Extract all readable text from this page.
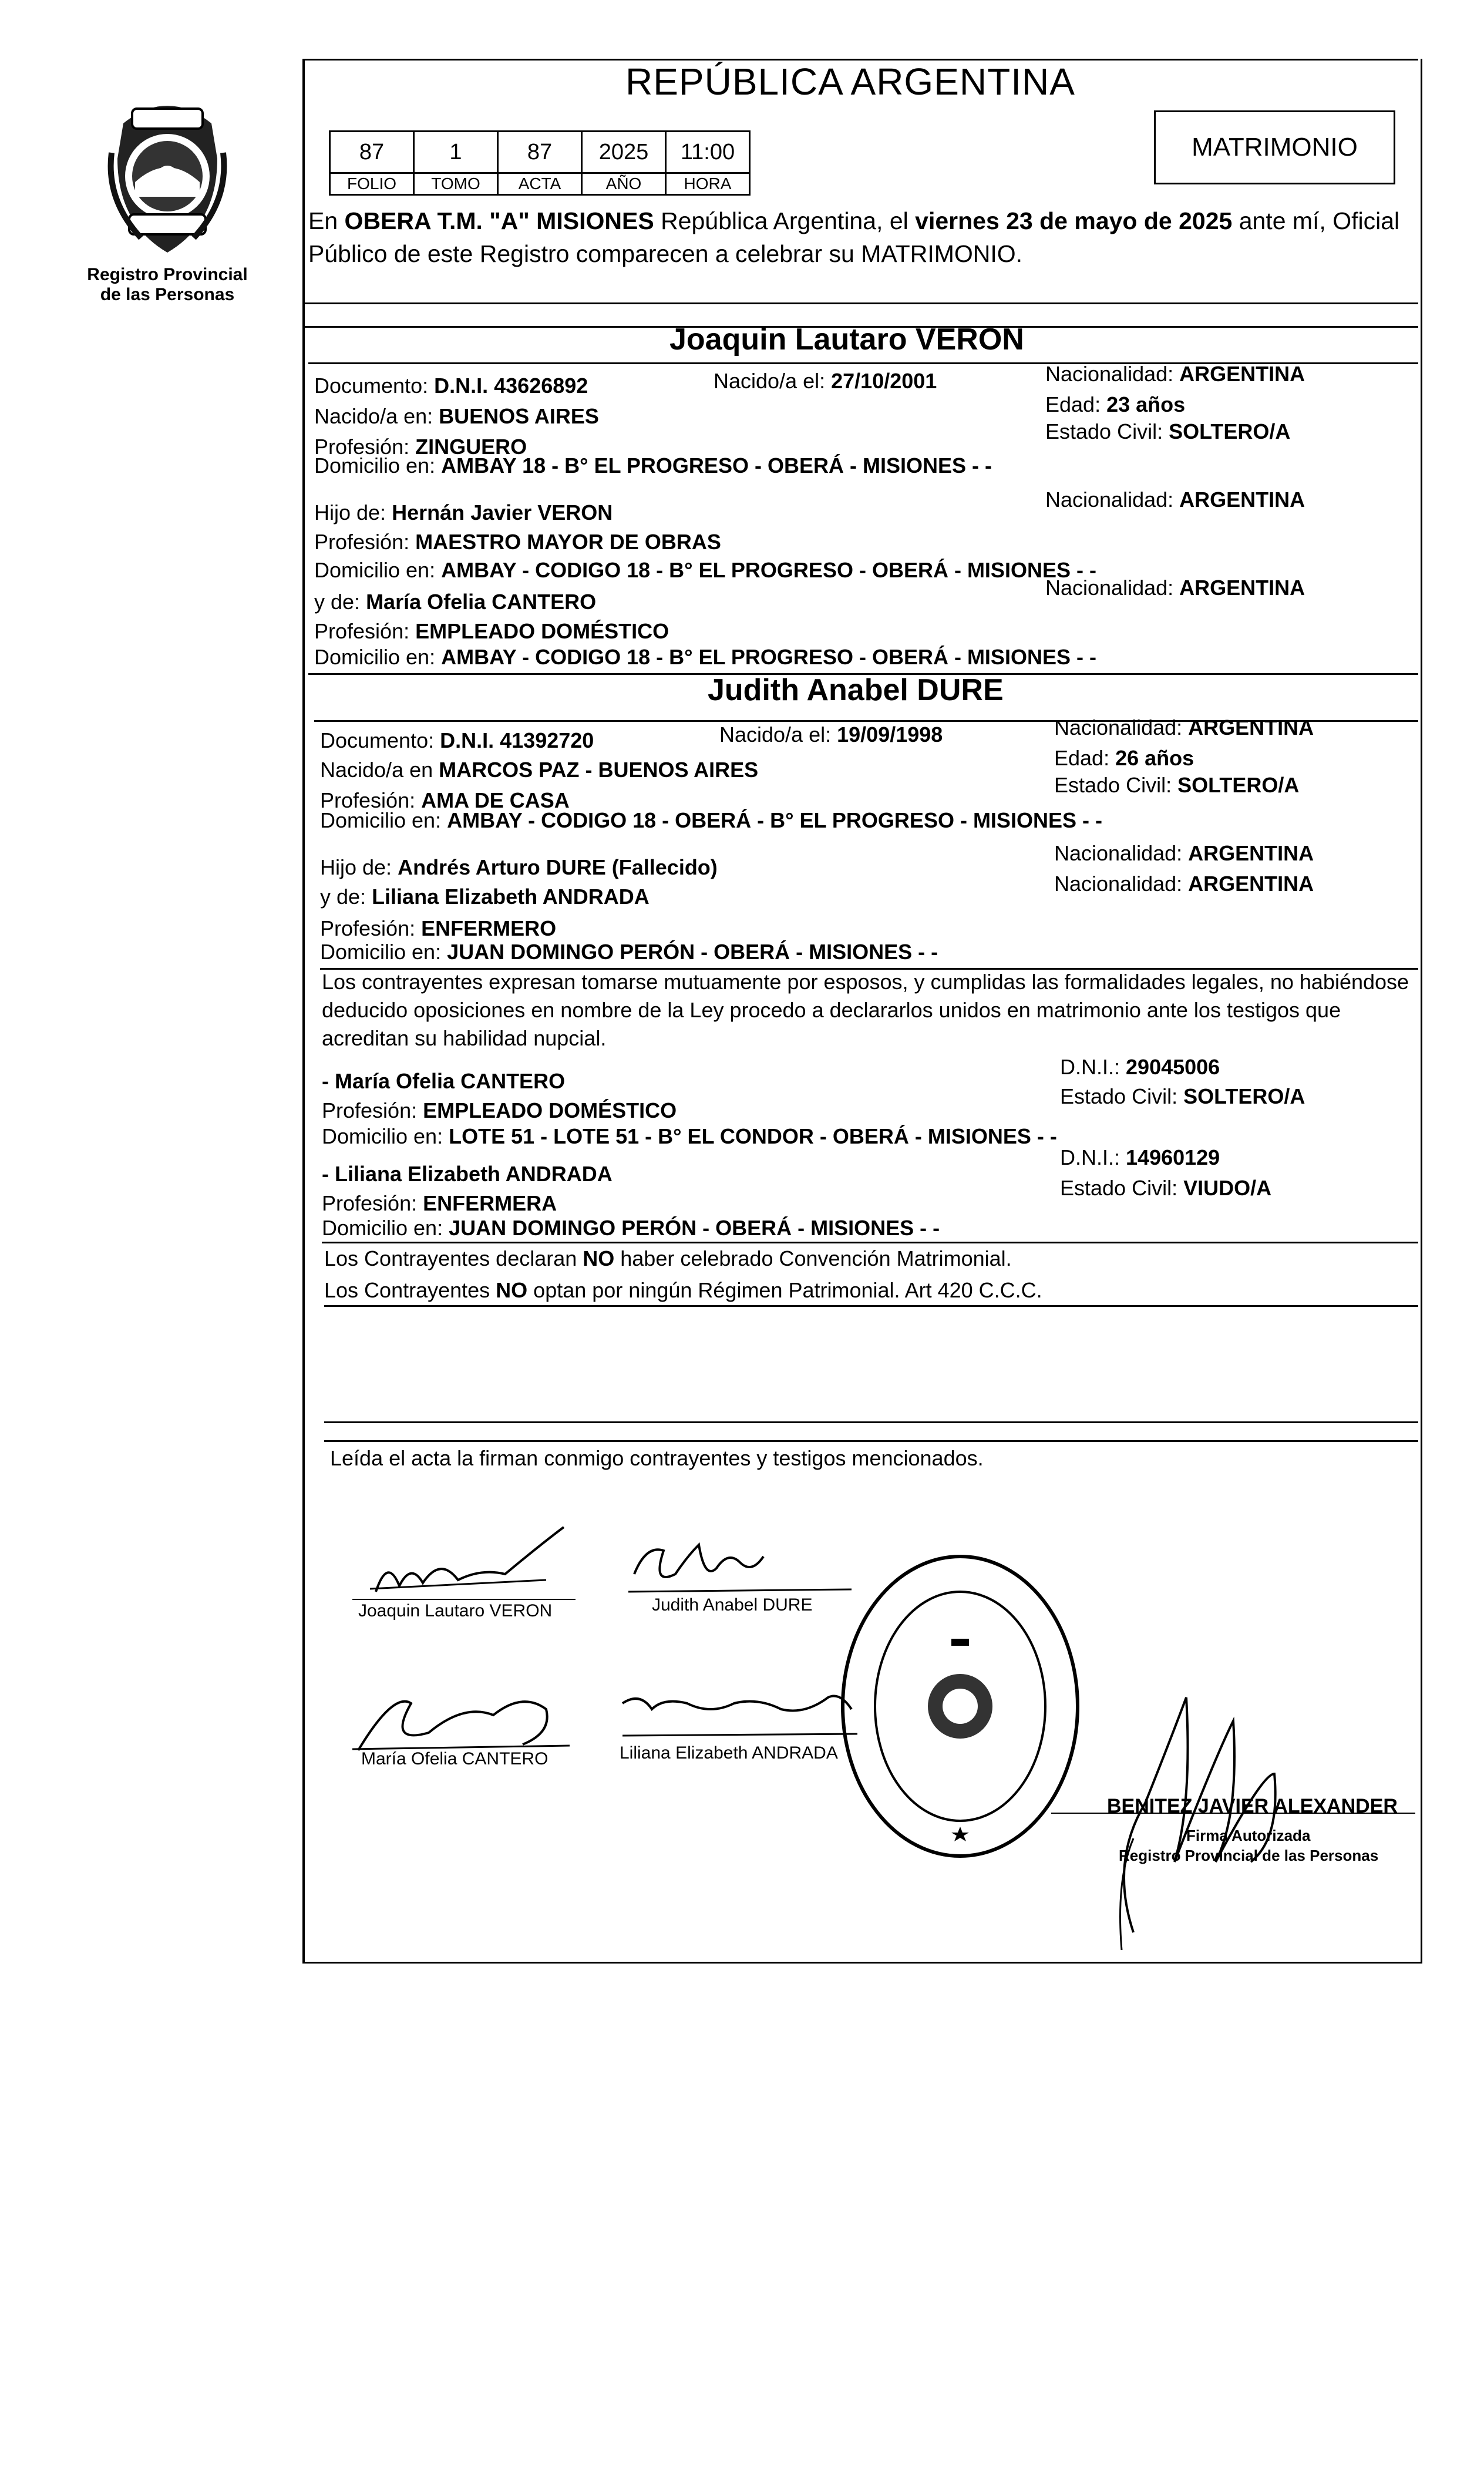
Registro Provincial
de las Personas
REPÚBLICA ARGENTINA
MATRIMONIO
87	1	87	2025	11:00
FOLIO	TOMO	ACTA	AÑO	HORA
En OBERA T.M. "A" MISIONES República Argentina, el viernes 23 de mayo de 2025 ante mí, Oficial Público de este Registro comparecen a celebrar su MATRIMONIO.
Joaquin Lautaro VERON
Documento: D.N.I. 43626892	Nacido/a el: 27/10/2001	Nacionalidad: ARGENTINA
Nacido/a en: BUENOS AIRES	Edad: 23 años
Profesión: ZINGUERO
Estado Civil: SOLTERO/A
Domicilio en: AMBAY 18 - B° EL PROGRESO - OBERÁ - MISIONES - -
Hijo de: Hernán Javier VERON
Nacionalidad: ARGENTINA
Profesión: MAESTRO MAYOR DE OBRAS
Domicilio en: AMBAY - CODIGO 18 - B° EL PROGRESO - OBERÁ - MISIONES - -
y de: María Ofelia CANTERO
Nacionalidad: ARGENTINA
Profesión: EMPLEADO DOMÉSTICO
Domicilio en: AMBAY - CODIGO 18 - B° EL PROGRESO - OBERÁ - MISIONES - -
Judith Anabel DURE
Documento: D.N.I. 41392720	Nacido/a el: 19/09/1998	Nacionalidad: ARGENTINA
Nacido/a en MARCOS PAZ - BUENOS AIRES	Edad: 26 años
Profesión: AMA DE CASA
Estado Civil: SOLTERO/A
Domicilio en: AMBAY - CODIGO 18 - OBERÁ - B° EL PROGRESO - MISIONES - -
Hijo de: Andrés Arturo DURE (Fallecido)
Nacionalidad: ARGENTINA
y de: Liliana Elizabeth ANDRADA
Nacionalidad: ARGENTINA
Profesión: ENFERMERO
Domicilio en: JUAN DOMINGO PERÓN - OBERÁ - MISIONES - -
Los contrayentes expresan tomarse mutuamente por esposos, y cumplidas las formalidades legales, no habiéndose deducido oposiciones en nombre de la Ley procedo a declararlos unidos en matrimonio ante los testigos que acreditan su habilidad nupcial.
- María Ofelia CANTERO
D.N.I.: 29045006
Profesión: EMPLEADO DOMÉSTICO
Estado Civil: SOLTERO/A
Domicilio en: LOTE 51 - LOTE 51 - B° EL CONDOR - OBERÁ - MISIONES - -
- Liliana Elizabeth ANDRADA
D.N.I.: 14960129
Profesión: ENFERMERA
Estado Civil: VIUDO/A
Domicilio en: JUAN DOMINGO PERÓN - OBERÁ - MISIONES - -
Los Contrayentes declaran NO haber celebrado Convención Matrimonial.
Los Contrayentes NO optan por ningún Régimen Patrimonial. Art 420 C.C.C.
Leída el acta la firman conmigo contrayentes y testigos mencionados.
Joaquin Lautaro VERON	Judith Anabel DURE
María Ofelia CANTERO	Liliana Elizabeth ANDRADA
BENITEZ JAVIER ALEXANDER
Firma Autorizada
Registro Provincial de las Personas
